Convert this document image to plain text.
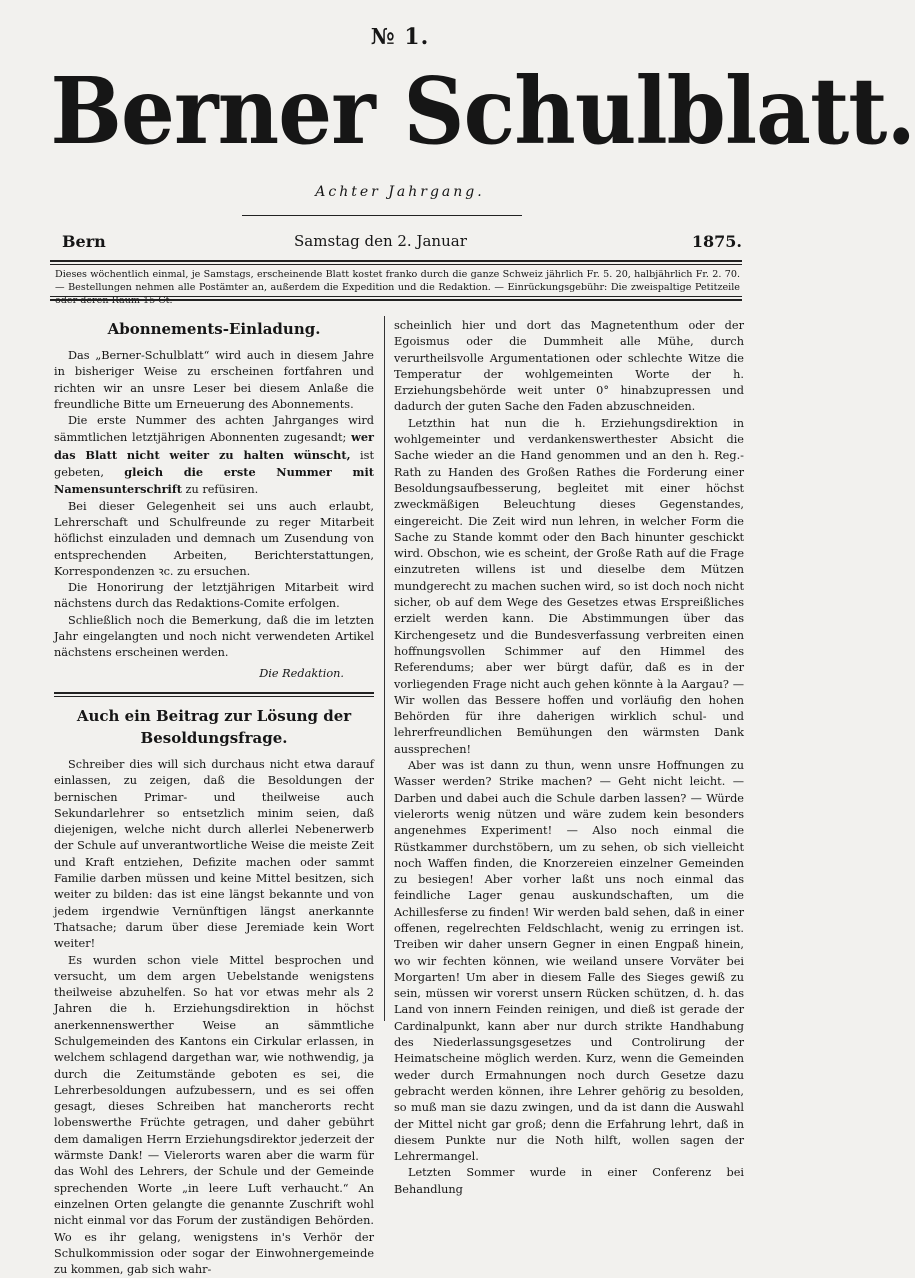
№ 1.
Berner Schulblatt.
Achter Jahrgang.
Bern	Samstag den 2. Januar	1875.
Dieses wöchentlich einmal, je Samstags, erscheinende Blatt kostet franko durch die ganze Schweiz jährlich Fr. 5. 20, halbjährlich Fr. 2. 70. — Bestellungen nehmen alle Postämter an, außerdem die Expedition und die Redaktion. — Einrückungsgebühr: Die zweispaltige Petitzeile

Abonnements-Einladung.

Das „Berner-Schulblatt“ wird auch in diesem Jahre in bisheriger Weise zu erscheinen fortfahren und richten wir an unsre Leser bei diesem Anlaße die freundliche Bitte um Erneuerung des Abonnements.

Die erste Nummer des achten Jahrganges wird sämmtlichen letztjährigen Abonnenten zugesandt; wer das Blatt nicht weiter zu halten wünscht, ist gebeten, gleich die erste Nummer mit Namensunterschrift zu refüsiren.

Bei dieser Gelegenheit sei uns auch erlaubt, Lehrerschaft und Schulfreunde zu reger Mitarbeit höflichst einzuladen und demnach um Zusendung von entsprechenden Arbeiten, Berichterstattungen, Korrespondenzen ꝛc. zu ersuchen.

Die Honorirung der letztjährigen Mitarbeit wird nächstens durch das Redaktions-Comite erfolgen.

Schließlich noch die Bemerkung, daß die im letzten Jahr eingelangten und noch nicht verwendeten Artikel nächstens erscheinen werden.

Die Redaktion.

Auch ein Beitrag zur Lösung der Besoldungsfrage.

Schreiber dies will sich durchaus nicht etwa darauf einlassen, zu zeigen, daß die Besoldungen der bernischen Primar- und theilweise auch Sekundarlehrer so entsetzlich minim seien, daß diejenigen, welche nicht durch allerlei Nebenerwerb der Schule auf unverantwortliche Weise die meiste Zeit und Kraft entziehen, Defizite machen oder sammt Familie darben müssen und keine Mittel besitzen, sich weiter zu bilden: das ist eine längst bekannte und von jedem irgendwie Vernünftigen längst anerkannte Thatsache; darum über diese Jeremiade kein Wort weiter!

Es wurden schon viele Mittel besprochen und versucht, um dem argen Uebelstande wenigstens theilweise abzuhelfen. So hat vor etwas mehr als 2 Jahren die h. Erziehungsdirektion in höchst anerkennenswerther Weise an sämmtliche Schulgemeinden des Kantons ein Cirkular erlassen, in welchem schlagend dargethan war, wie nothwendig, ja durch die Zeitumstände geboten es sei, die Lehrerbesoldungen aufzubessern, und es sei offen gesagt, dieses Schreiben hat mancherorts recht lobenswerthe Früchte getragen, und daher gebührt dem damaligen Herrn Erziehungsdirektor jederzeit der wärmste Dank! — Vielerorts waren aber die warm für das Wohl des Lehrers, der Schule und der Gemeinde sprechenden Worte „in leere Luft verhaucht.“ An einzelnen Orten gelangte die genannte Zuschrift wohl nicht einmal vor das Forum der zuständigen Behörden. Wo es ihr gelang, wenigstens in's Verhör der Schulkommission oder sogar der Einwohnergemeinde zu kommen, gab sich wahr-

scheinlich hier und dort das Magnetenthum oder der Egoismus oder die Dummheit alle Mühe, durch verurtheilsvolle Argumentationen oder schlechte Witze die Temperatur der wohlgemeinten Worte der h. Erziehungsbehörde weit unter 0° hinabzupressen und dadurch der guten Sache den Faden abzuschneiden.

Letzthin hat nun die h. Erziehungsdirektion in wohlgemeinter und verdankenswerthester Absicht die Sache wieder an die Hand genommen und an den h. Reg.-Rath zu Handen des Großen Rathes die Forderung einer Besoldungsaufbesserung, begleitet mit einer höchst zweckmäßigen Beleuchtung dieses Gegenstandes, eingereicht. Die Zeit wird nun lehren, in welcher Form die Sache zu Stande kommt oder den Bach hinunter geschickt wird. Obschon, wie es scheint, der Große Rath auf die Frage einzutreten willens ist und dieselbe dem Mützen mundgerecht zu machen suchen wird, so ist doch noch nicht sicher, ob auf dem Wege des Gesetzes etwas Erspreißliches erzielt werden kann. Die Abstimmungen über das Kirchengesetz und die Bundesverfassung verbreiten einen hoffnungsvollen Schimmer auf den Himmel des Referendums; aber wer bürgt dafür, daß es in der vorliegenden Frage nicht auch gehen könnte à la Aargau? — Wir wollen das Bessere hoffen und vorläufig den hohen Behörden für ihre daherigen wirklich schul- und lehrerfreundlichen Bemühungen den wärmsten Dank aussprechen!

Aber was ist dann zu thun, wenn unsre Hoffnungen zu Wasser werden? Strike machen? — Geht nicht leicht. — Darben und dabei auch die Schule darben lassen? — Würde vielerorts wenig nützen und wäre zudem kein besonders angenehmes Experiment! — Also noch einmal die Rüstkammer durchstöbern, um zu sehen, ob sich vielleicht noch Waffen finden, die Knorzereien einzelner Gemeinden zu besiegen! Aber vorher laßt uns noch einmal das feindliche Lager genau auskundschaften, um die Achillesferse zu finden! Wir werden bald sehen, daß in einer offenen, regelrechten Feldschlacht, wenig zu erringen ist. Treiben wir daher unsern Gegner in einen Engpaß hinein, wo wir fechten können, wie weiland unsere Vorväter bei Morgarten! Um aber in diesem Falle des Sieges gewiß zu sein, müssen wir vorerst unsern Rücken schützen, d. h. das Land von innern Feinden reinigen, und dieß ist gerade der Cardinalpunkt, kann aber nur durch strikte Handhabung des Niederlassungsgesetzes und Controlirung der Heimatscheine möglich werden. Kurz, wenn die Gemeinden weder durch Ermahnungen noch durch Gesetze dazu gebracht werden können, ihre Lehrer gehörig zu besolden, so muß man sie dazu zwingen, und da ist dann die Auswahl der Mittel nicht gar groß; denn die Erfahrung lehrt, daß in diesem Punkte nur die Noth hilft, wollen sagen der Lehrermangel.

Letzten Sommer wurde in einer Conferenz bei Behandlung
